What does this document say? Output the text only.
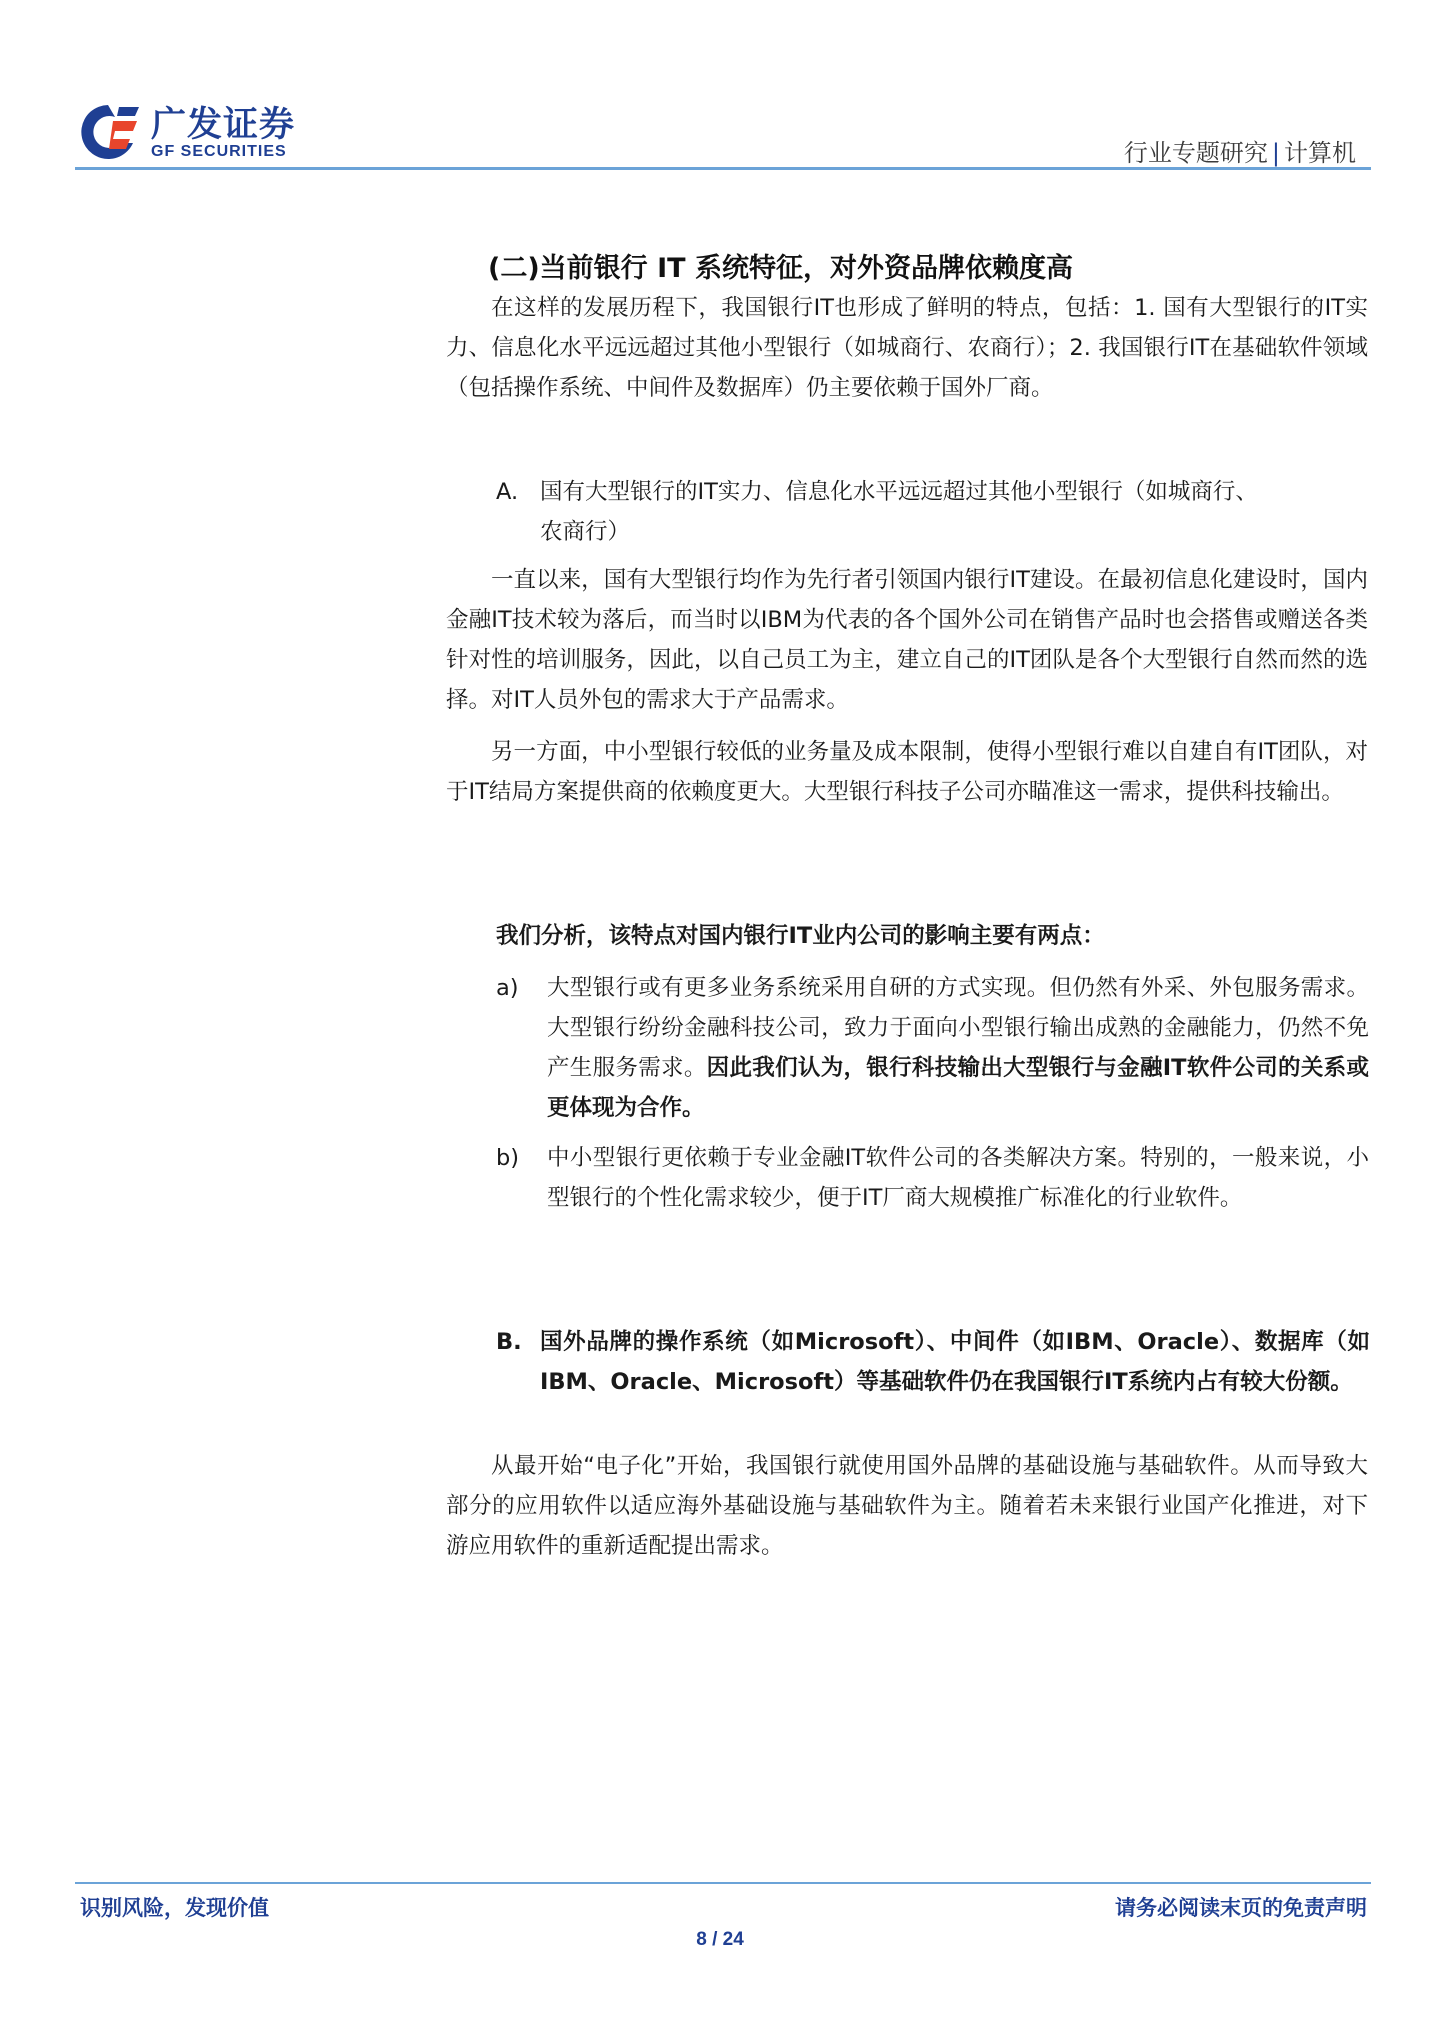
广发证券
GF SECURITIES	行业专题研究 | 计算机
(二)当前银行 IT 系统特征，对外资品牌依赖度高

在这样的发展历程下，我国银行IT也形成了鲜明的特点，包括：1. 国有大型银行的IT实力、信息化水平远远超过其他小型银行（如城商行、农商行）；2. 我国银行IT在基础软件领域（包括操作系统、中间件及数据库）仍主要依赖于国外厂商。

A. 国有大型银行的IT实力、信息化水平远远超过其他小型银行（如城商行、
农商行）

一直以来，国有大型银行均作为先行者引领国内银行IT建设。在最初信息化建设时，国内金融IT技术较为落后，而当时以IBM为代表的各个国外公司在销售产品时也会搭售或赠送各类针对性的培训服务，因此，以自己员工为主，建立自己的IT团队是各个大型银行自然而然的选择。对IT人员外包的需求大于产品需求。

另一方面，中小型银行较低的业务量及成本限制，使得小型银行难以自建自有IT团队，对于IT结局方案提供商的依赖度更大。大型银行科技子公司亦瞄准这一需求，提供科技输出。

我们分析，该特点对国内银行IT业内公司的影响主要有两点：
a) 大型银行或有更多业务系统采用自研的方式实现。但仍然有外采、外包服务需求。大型银行纷纷金融科技公司，致力于面向小型银行输出成熟的金融能力，仍然不免产生服务需求。因此我们认为，银行科技输出大型银行与金融IT软件公司的关系或更体现为合作。

b) 中小型银行更依赖于专业金融IT软件公司的各类解决方案。特别的，一般来说，小型银行的个性化需求较少，便于IT厂商大规模推广标准化的行业软件。

B. 国外品牌的操作系统（如Microsoft）、中间件（如IBM、Oracle）、数据库（如IBM、Oracle、Microsoft）等基础软件仍在我国银行IT系统内占有较大份额。

从最开始“电子化”开始，我国银行就使用国外品牌的基础设施与基础软件。从而导致大部分的应用软件以适应海外基础设施与基础软件为主。随着若未来银行业国产化推进，对下游应用软件的重新适配提出需求。

识别风险，发现价值	请务必阅读末页的免责声明
8 / 24
